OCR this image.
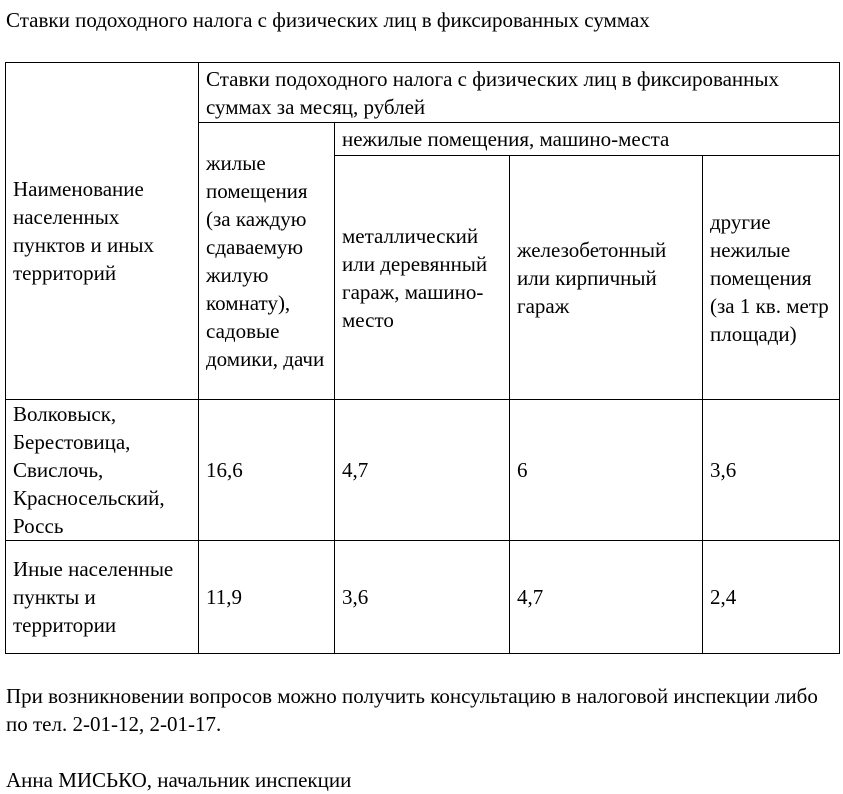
Ставки подоходного налога с физических лиц в фиксированных суммах
Наименование населенных пунктов и иных территорий	Ставки подоходного налога с физических лиц в фиксированных суммах за месяц, рублей			
	жилые помещения (за каждую сдаваемую жилую комнату), садовые домики, дачи	нежилые помещения, машино-места		
		металлический или деревянный гараж, машино-место	железобетонный или кирпичный гараж	другие нежилые помещения (за 1 кв. метр площади)
Волковыск, Берестовица, Свислочь, Красносельский, Россь	16,6	4,7	6	3,6
Иные населенные пункты и территории	11,9	3,6	4,7	2,4

При возникновении вопросов можно получить консультацию в налоговой инспекции либо по тел. 2-01-12, 2-01-17.

Анна МИСЬКО, начальник инспекции
